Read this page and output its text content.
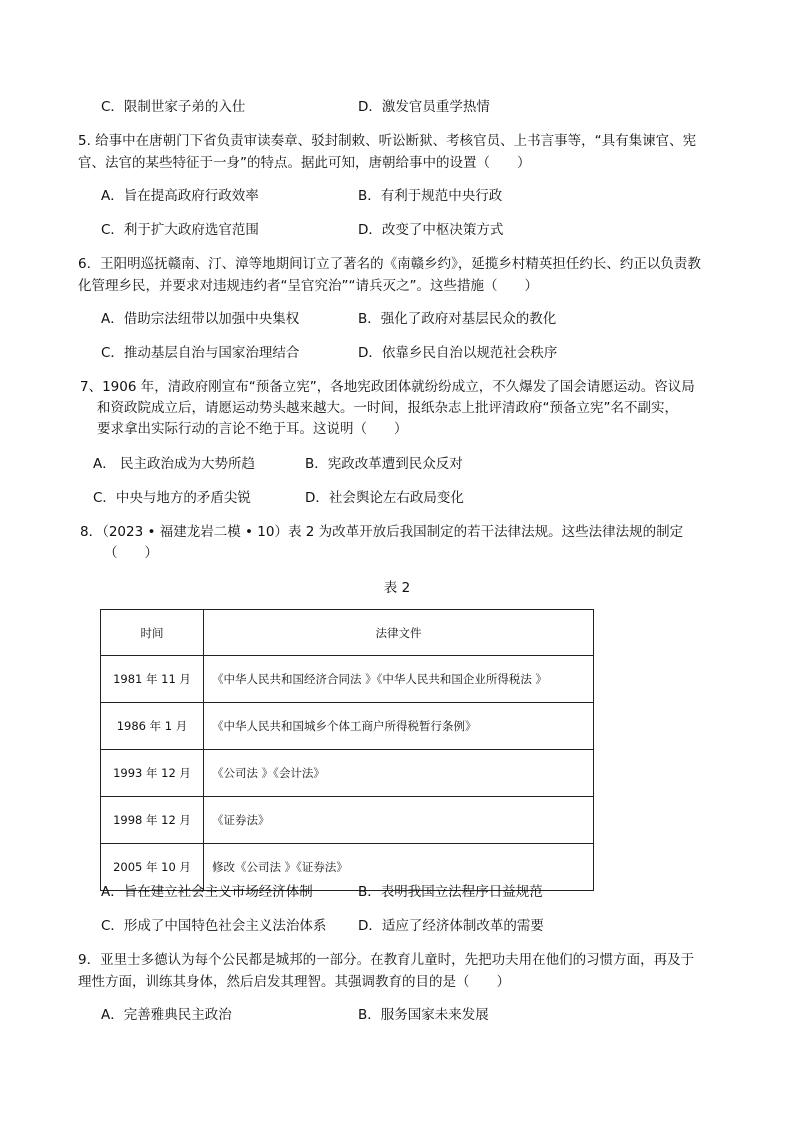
C．限制世家子弟的入仕	D．激发官员重学热情
5. 给事中在唐朝门下省负责审读奏章、驳封制敕、听讼断狱、考核官员、上书言事等，“具有集谏官、宪
官、法官的某些特征于一身”的特点。据此可知，唐朝给事中的设置（　　）
A．旨在提高政府行政效率	B．有利于规范中央行政
C．利于扩大政府选官范围	D．改变了中枢决策方式
6．王阳明巡抚赣南、汀、漳等地期间订立了著名的《南赣乡约》，延揽乡村精英担任约长、约正以负责教
化管理乡民，并要求对违规违约者“呈官究治”“请兵灭之”。这些措施（　　）
A．借助宗法纽带以加强中央集权	B．强化了政府对基层民众的教化
C．推动基层自治与国家治理结合	D．依靠乡民自治以规范社会秩序
7、1906 年，清政府刚宣布“预备立宪”，各地宪政团体就纷纷成立，不久爆发了国会请愿运动。咨议局
和资政院成立后，请愿运动势头越来越大。一时间，报纸杂志上批评清政府“预备立宪”名不副实，
要求拿出实际行动的言论不绝于耳。这说明（　　）
A． 民主政治成为大势所趋	B．宪政改革遭到民众反对
C．中央与地方的矛盾尖锐	D．社会舆论左右政局变化
8．（2023 • 福建龙岩二模 • 10）表 2 为改革开放后我国制定的若干法律法规。这些法律法规的制定
（　　）
表 2
时间	法律文件
1981 年 11 月	《中华人民共和国经济合同法 》《中华人民共和国企业所得税法 》
1986 年 1 月	《中华人民共和国城乡个体工商户所得税暂行条例》
1993 年 12 月	《公司法 》《会计法》
1998 年 12 月	《证券法》
2005 年 10 月	修改《公司法 》《证券法》
A．旨在建立社会主义市场经济体制	B．表明我国立法程序日益规范
C．形成了中国特色社会主义法治体系 D．适应了经济体制改革的需要
9．亚里士多德认为每个公民都是城邦的一部分。在教育儿童时，先把功夫用在他们的习惯方面，再及于
理性方面，训练其身体，然后启发其理智。其强调教育的目的是（　　）
A．完善雅典民主政治	B．服务国家未来发展
